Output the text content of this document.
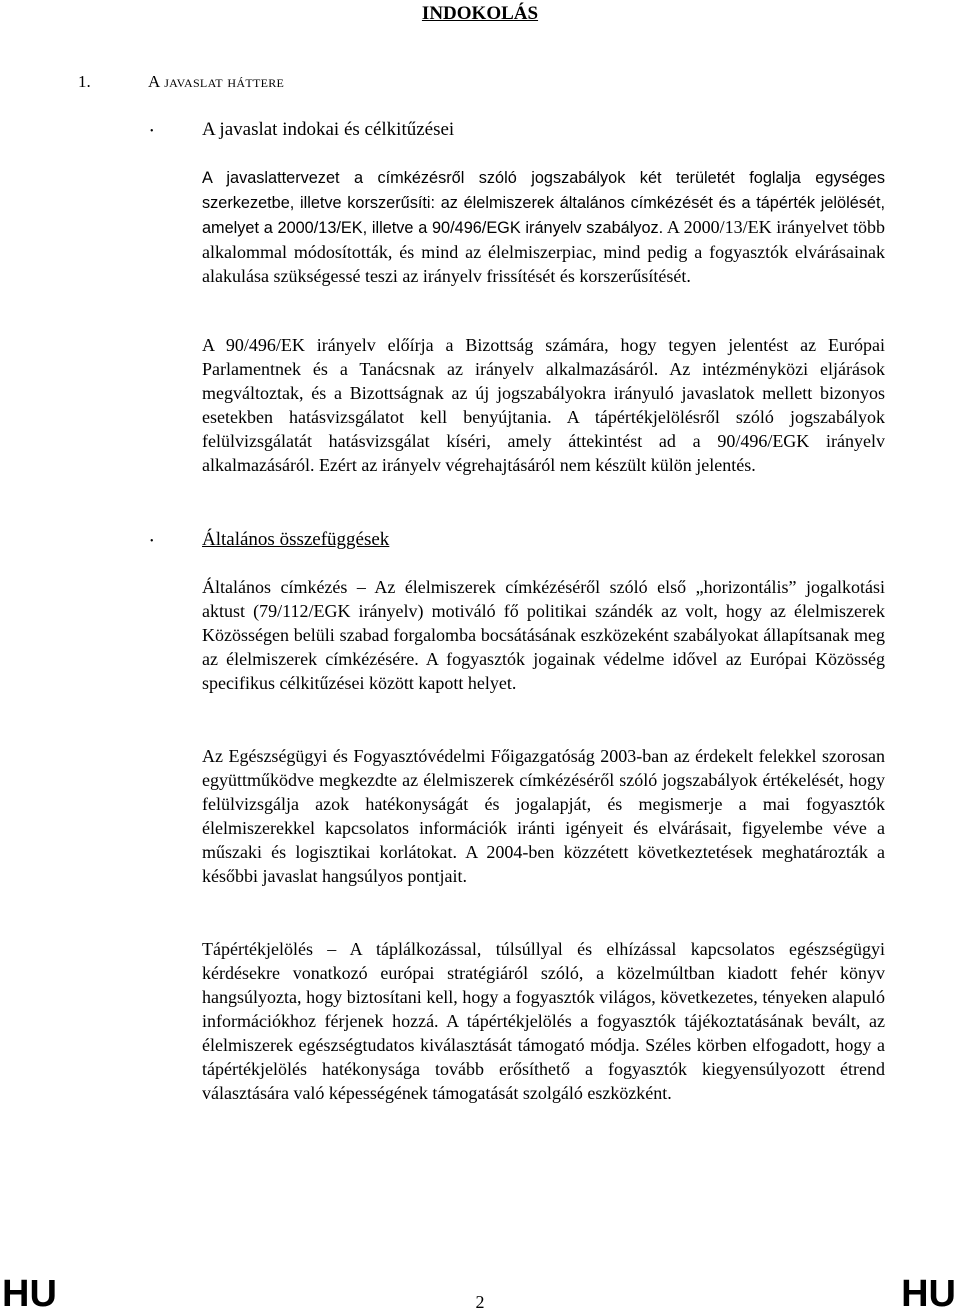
INDOKOLÁS
1.	A javaslat háttere
•	A javaslat indokai és célkitűzései
A javaslattervezet a címkézésről szóló jogszabályok két területét foglalja egységes szerkezetbe, illetve korszerűsíti: az élelmiszerek általános címkézését és a tápérték jelölését, amelyet a 2000/13/EK, illetve a 90/496/EGK irányelv szabályoz. A 2000/13/EK irányelvet több alkalommal módosították, és mind az élelmiszerpiac, mind pedig a fogyasztók elvárásainak alakulása szükségessé teszi az irányelv frissítését és korszerűsítését.
A 90/496/EK irányelv előírja a Bizottság számára, hogy tegyen jelentést az Európai Parlamentnek és a Tanácsnak az irányelv alkalmazásáról. Az intézményközi eljárások megváltoztak, és a Bizottságnak az új jogszabályokra irányuló javaslatok mellett bizonyos esetekben hatásvizsgálatot kell benyújtania. A tápértékjelölésről szóló jogszabályok felülvizsgálatát hatásvizsgálat kíséri, amely áttekintést ad a 90/496/EGK irányelv alkalmazásáról. Ezért az irányelv végrehajtásáról nem készült külön jelentés.
•	Általános összefüggések
Általános címkézés – Az élelmiszerek címkézéséről szóló első „horizontális” jogalkotási aktust (79/112/EGK irányelv) motiváló fő politikai szándék az volt, hogy az élelmiszerek Közösségen belüli szabad forgalomba bocsátásának eszközeként szabályokat állapítsanak meg az élelmiszerek címkézésére. A fogyasztók jogainak védelme idővel az Európai Közösség specifikus célkitűzései között kapott helyet.
Az Egészségügyi és Fogyasztóvédelmi Főigazgatóság 2003-ban az érdekelt felekkel szorosan együttműködve megkezdte az élelmiszerek címkézéséről szóló jogszabályok értékelését, hogy felülvizsgálja azok hatékonyságát és jogalapját, és megismerje a mai fogyasztók élelmiszerekkel kapcsolatos információk iránti igényeit és elvárásait, figyelembe véve a műszaki és logisztikai korlátokat. A 2004-ben közzétett következtetések meghatározták a későbbi javaslat hangsúlyos pontjait.
Tápértékjelölés – A táplálkozással, túlsúllyal és elhízással kapcsolatos egészségügyi kérdésekre vonatkozó európai stratégiáról szóló, a közelmúltban kiadott fehér könyv hangsúlyozta, hogy biztosítani kell, hogy a fogyasztók világos, következetes, tényeken alapuló információkhoz férjenek hozzá. A tápértékjelölés a fogyasztók tájékoztatásának bevált, az élelmiszerek egészségtudatos kiválasztását támogató módja. Széles körben elfogadott, hogy a tápértékjelölés hatékonysága tovább erősíthető a fogyasztók kiegyensúlyozott étrend választására való képességének támogatását szolgáló eszközként.
HU	2	HU
